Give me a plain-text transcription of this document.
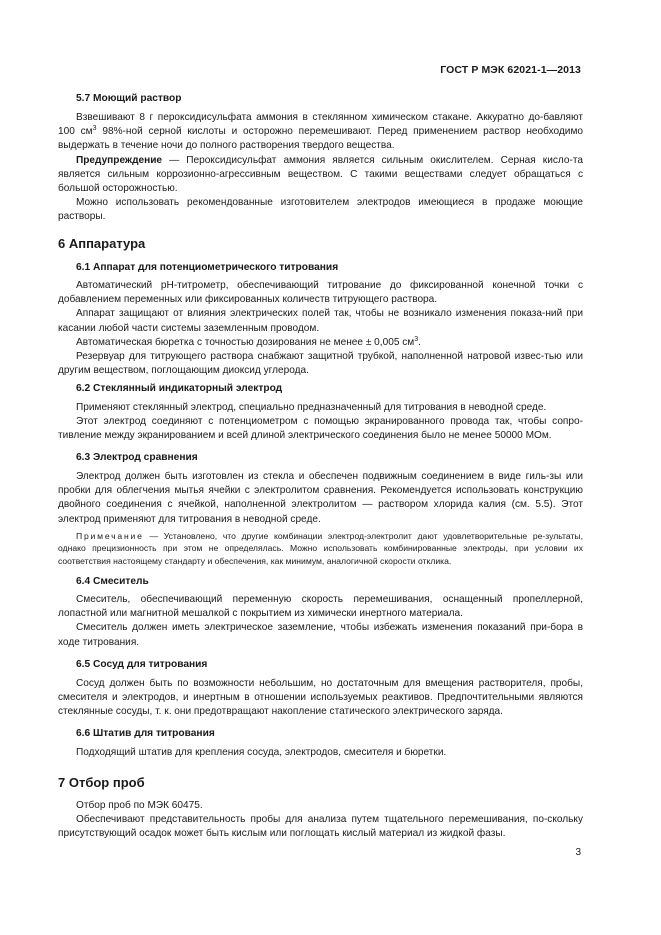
ГОСТ Р МЭК 62021-1—2013
5.7 Моющий раствор

Взвешивают 8 г пероксидисульфата аммония в стеклянном химическом стакане. Аккуратно до-бавляют 100 $см^3$ 98%-ной серной кислоты и осторожно перемешивают. Перед применением раствор необходимо выдержать в течение ночи до полного растворения твердого вещества.

Предупреждение — Пероксидисульфат аммония является сильным окислителем. Серная кисло-та является сильным коррозионно-агрессивным веществом. С такими веществами следует обращаться с большой осторожностью.

Можно использовать рекомендованные изготовителем электродов имеющиеся в продаже моющие растворы.

6 Аппаратура
6.1 Аппарат для потенциометрического титрования

Автоматический pH-титрометр, обеспечивающий титрование до фиксированной конечной точки с добавлением переменных или фиксированных количеств титрующего раствора.

Аппарат защищают от влияния электрических полей так, чтобы не возникало изменения показа-ний при касании любой части системы заземленным проводом.

Автоматическая бюретка с точностью дозирования не менее ± 0,005 $см^3$.

Резервуар для титрующего раствора снабжают защитной трубкой, наполненной натровой извес-тью или другим веществом, поглощающим диоксид углерода.

6.2 Стеклянный индикаторный электрод

Применяют стеклянный электрод, специально предназначенный для титрования в неводной среде.

Этот электрод соединяют с потенциометром с помощью экранированного провода так, чтобы сопро-тивление между экранированием и всей длиной электрического соединения было не менее 50000 МОм.

6.3 Электрод сравнения

Электрод должен быть изготовлен из стекла и обеспечен подвижным соединением в виде гиль-зы или пробки для облегчения мытья ячейки с электролитом сравнения. Рекомендуется использовать конструкцию двойного соединения с ячейкой, наполненной электролитом — раствором хлорида калия (см. 5.5). Этот электрод применяют для титрования в неводной среде.

Примечание — Установлено, что другие комбинации электрод-электролит дают удовлетворительные ре-зультаты, однако прецизионность при этом не определялась. Можно использовать комбинированные электроды, при условии их соответствия настоящему стандарту и обеспечения, как минимум, аналогичной скорости отклика.

6.4 Смеситель

Смеситель, обеспечивающий переменную скорость перемешивания, оснащенный пропеллерной, лопастной или магнитной мешалкой с покрытием из химически инертного материала.

Смеситель должен иметь электрическое заземление, чтобы избежать изменения показаний при-бора в ходе титрования.

6.5 Сосуд для титрования

Сосуд должен быть по возможности небольшим, но достаточным для вмещения растворителя, пробы, смесителя и электродов, и инертным в отношении используемых реактивов. Предпочтительными являются стеклянные сосуды, т. к. они предотвращают накопление статического электрического заряда.

6.6 Штатив для титрования

Подходящий штатив для крепления сосуда, электродов, смесителя и бюретки.

7 Отбор проб

Отбор проб по МЭК 60475.

Обеспечивают представительность пробы для анализа путем тщательного перемешивания, по-скольку присутствующий осадок может быть кислым или поглощать кислый материал из жидкой фазы.

3
